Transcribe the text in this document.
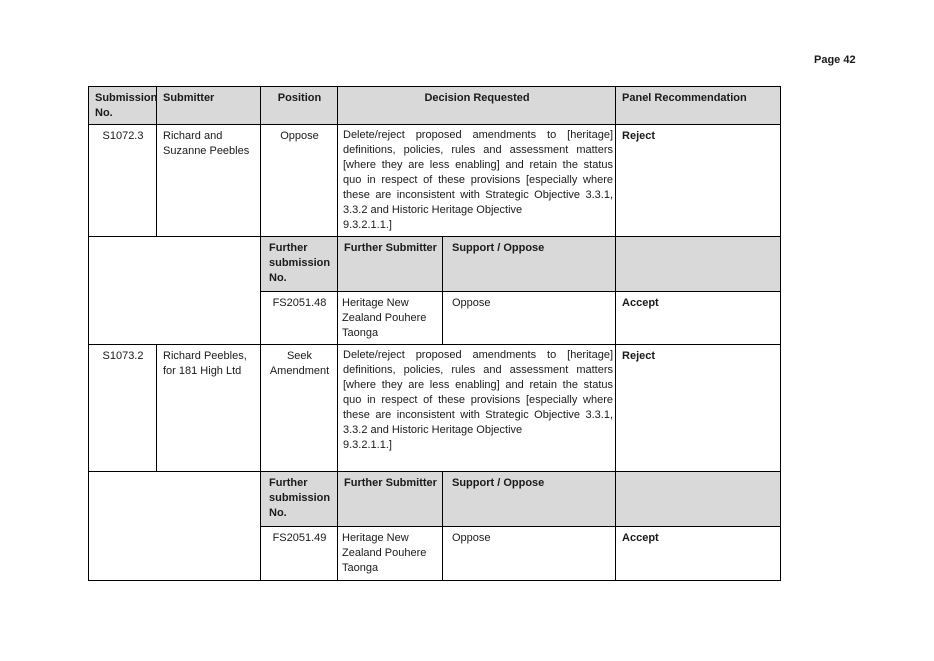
Page 42
Submission No.	Submitter	Position	Decision Requested		Panel Recommendation
S1072.3	Richard and Suzanne Peebles	Oppose	Delete/reject proposed amendments to [heritage] definitions, policies, rules and assessment matters [where they are less enabling] and retain the status quo in respect of these provisions [especially where these are inconsistent with Strategic Objective 3.3.1, 3.3.2 and Historic Heritage Objective
9.3.2.1.1.]		Reject
		Further submission No.	Further Submitter	Support / Oppose	
		FS2051.48	Heritage New Zealand Pouhere Taonga	Oppose	Accept
S1073.2	Richard Peebles, for 181 High Ltd	Seek Amendment	Delete/reject proposed amendments to [heritage] definitions, policies, rules and assessment matters [where they are less enabling] and retain the status quo in respect of these provisions [especially where these are inconsistent with Strategic Objective 3.3.1, 3.3.2 and Historic Heritage Objective
9.3.2.1.1.]		Reject
		Further submission No.	Further Submitter	Support / Oppose	
		FS2051.49	Heritage New Zealand Pouhere Taonga	Oppose	Accept
